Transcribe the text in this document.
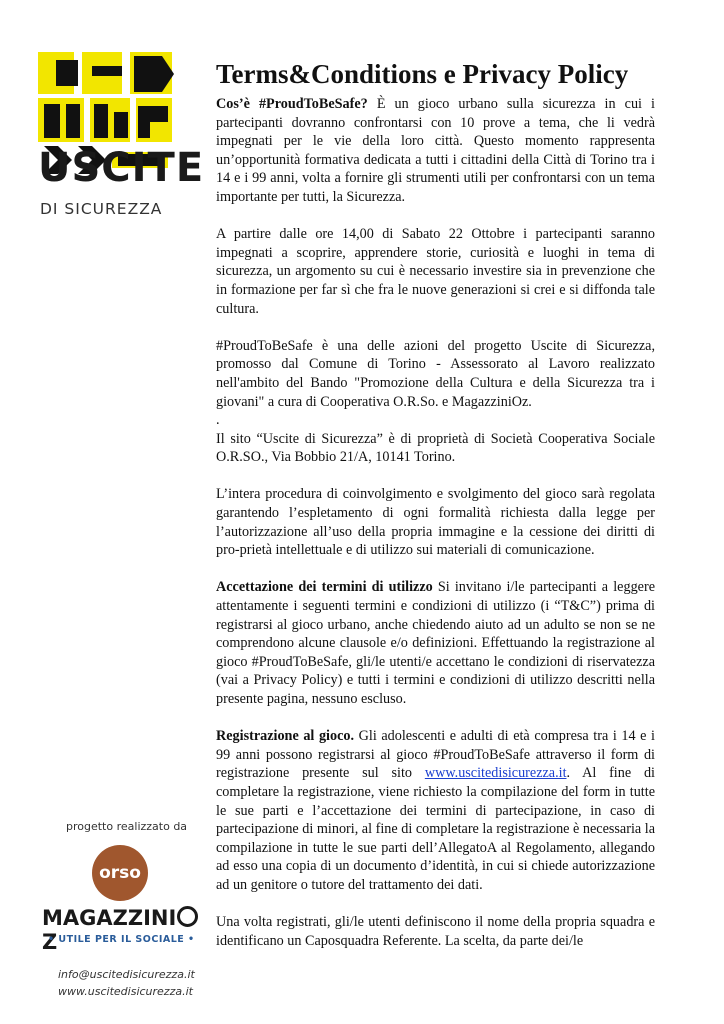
USCITE
DI SICUREZZA
progetto realizzato da
orso
MAGAZZINIZ
• UTILE PER IL SOCIALE •
info@uscitedisicurezza.it
www.uscitedisicurezza.it
Terms&Conditions e Privacy Policy

Cos’è #ProudToBeSafe? È un gioco urbano sulla sicurezza in cui i partecipanti dovranno confrontarsi con 10 prove a tema, che li vedrà impegnati per le vie della loro città. Questo momento rappresenta un’opportunità formativa dedicata a tutti i cittadini della Città di Torino tra i 14 e i 99 anni, volta a fornire gli strumenti utili per confrontarsi con un tema importante per tutti, la Sicurezza.

A partire dalle ore 14,00 di Sabato 22 Ottobre i partecipanti saranno impegnati a scoprire, apprendere storie, curiosità e luoghi in tema di sicurezza, un argomento su cui è necessario investire sia in prevenzione che in formazione per far sì che fra le nuove generazioni si crei e si diffonda tale cultura.

#ProudToBeSafe è una delle azioni del progetto Uscite di Sicurezza, promosso dal Comune di Torino - Assessorato al Lavoro realizzato nell'ambito del Bando "Promozione della Cultura e della Sicurezza tra i giovani" a cura di Cooperativa O.R.So. e MagazziniOz.

.

Il sito “Uscite di Sicurezza” è di proprietà di Società Cooperativa Sociale O.R.SO., Via Bobbio 21/A, 10141 Torino.

L’intera procedura di coinvolgimento e svolgimento del gioco sarà regolata garantendo l’espletamento di ogni formalità richiesta dalla legge per l’autorizzazione all’uso della propria immagine e la cessione dei diritti di pro-prietà intellettuale e di utilizzo sui materiali di comunicazione.

Accettazione dei termini di utilizzo Si invitano i/le partecipanti a leggere attentamente i seguenti termini e condizioni di utilizzo (i “T&C”) prima di registrarsi al gioco urbano, anche chiedendo aiuto ad un adulto se non se ne comprendono alcune clausole e/o definizioni. Effettuando la registrazione al gioco #ProudToBeSafe, gli/le utenti/e accettano le condizioni di riservatezza (vai a Privacy Policy) e tutti i termini e condizioni di utilizzo descritti nella presente pagina, nessuno escluso.

Registrazione al gioco. Gli adolescenti e adulti di età compresa tra i 14 e i 99 anni possono registrarsi al gioco #ProudToBeSafe attraverso il form di registrazione presente sul sito www.uscitedisicurezza.it. Al fine di completare la registrazione, viene richiesto la compilazione del form in tutte le sue parti e l’accettazione dei termini di partecipazione, in caso di partecipazione di minori, al fine di completare la registrazione è necessaria la compilazione in tutte le sue parti dell’AllegatoA al Regolamento, allegando ad esso una copia di un documento d’identità, in cui si chiede autorizzazione ad un genitore o tutore del trattamento dei dati.

Una volta registrati, gli/le utenti definiscono il nome della propria squadra e identificano un Caposquadra Referente. La scelta, da parte dei/le
